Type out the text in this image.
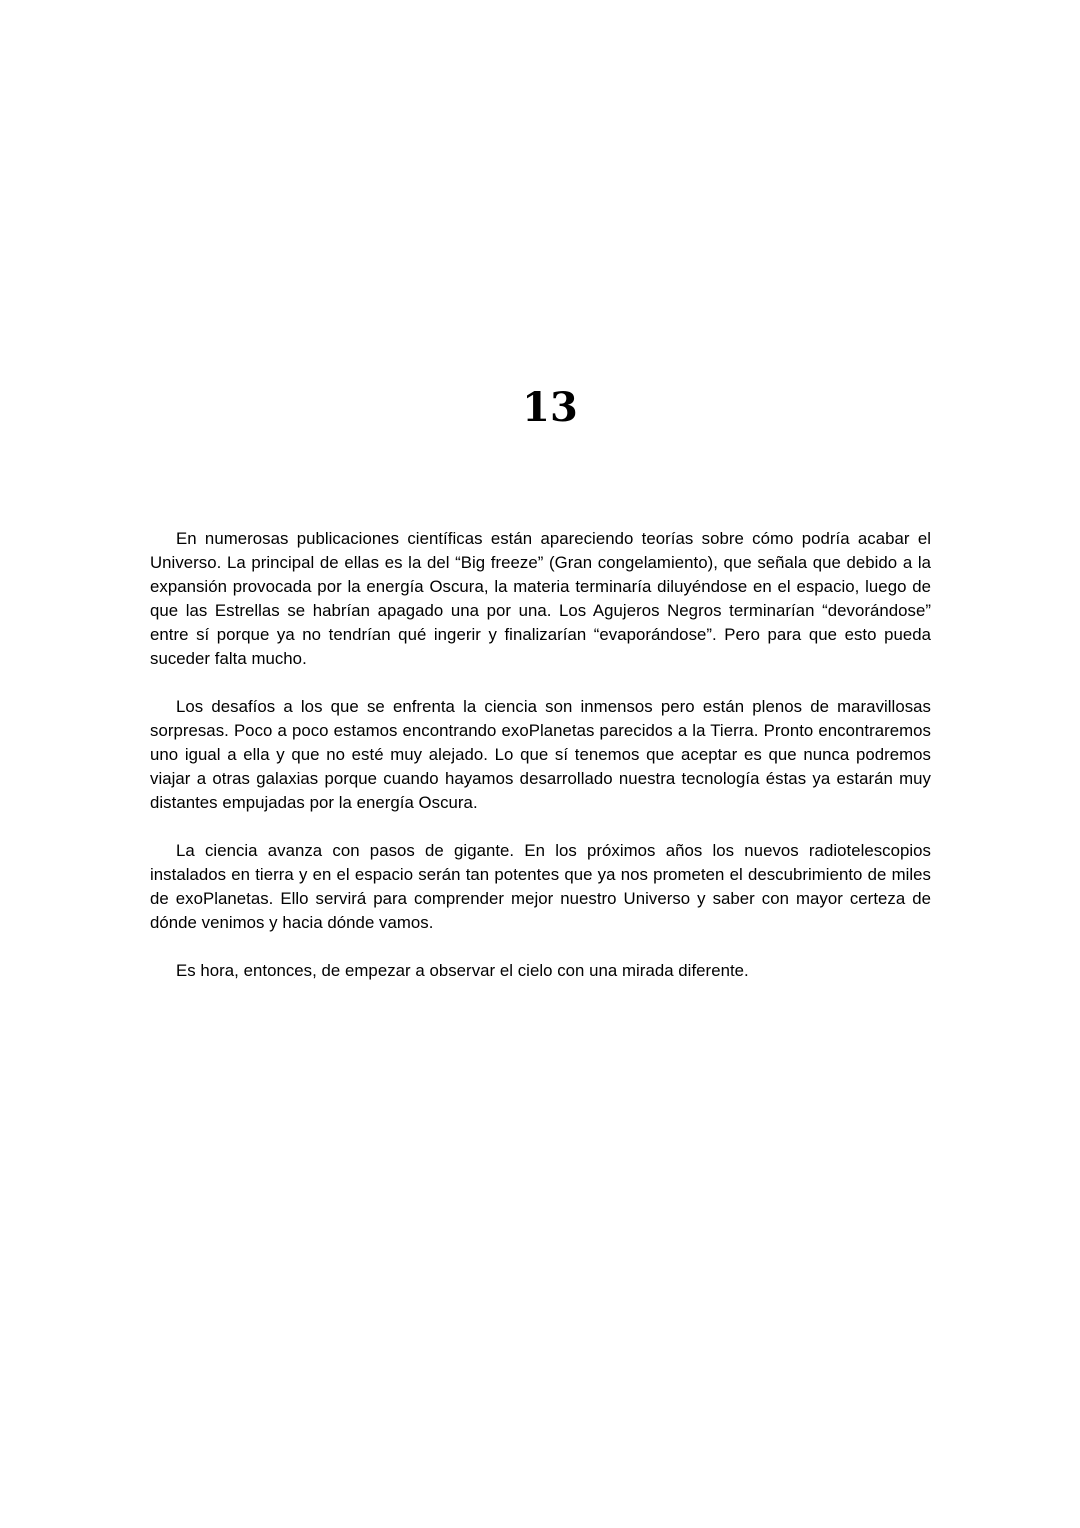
13

En numerosas publicaciones científicas están apareciendo teorías sobre cómo podría acabar el Universo. La principal de ellas es la del “Big freeze” (Gran congelamiento), que señala que debido a la expansión provocada por la energía Oscura, la materia terminaría diluyéndose en el espacio, luego de que las Estrellas se habrían apagado una por una. Los Agujeros Negros terminarían “devorándose” entre sí porque ya no tendrían qué ingerir y finalizarían “evaporándose”. Pero para que esto pueda suceder falta mucho.

Los desafíos a los que se enfrenta la ciencia son inmensos pero están plenos de maravillosas sorpresas. Poco a poco estamos encontrando exoPlanetas parecidos a la Tierra. Pronto encontraremos uno igual a ella y que no esté muy alejado. Lo que sí tenemos que aceptar es que nunca podremos viajar a otras galaxias porque cuando hayamos desarrollado nuestra tecnología éstas ya estarán muy distantes empujadas por la energía Oscura.

La ciencia avanza con pasos de gigante. En los próximos años los nuevos radiotelescopios instalados en tierra y en el espacio serán tan potentes que ya nos prometen el descubrimiento de miles de exoPlanetas. Ello servirá para comprender mejor nuestro Universo y saber con mayor certeza de dónde venimos y hacia dónde vamos.

Es hora, entonces, de empezar a observar el cielo con una mirada diferente.
